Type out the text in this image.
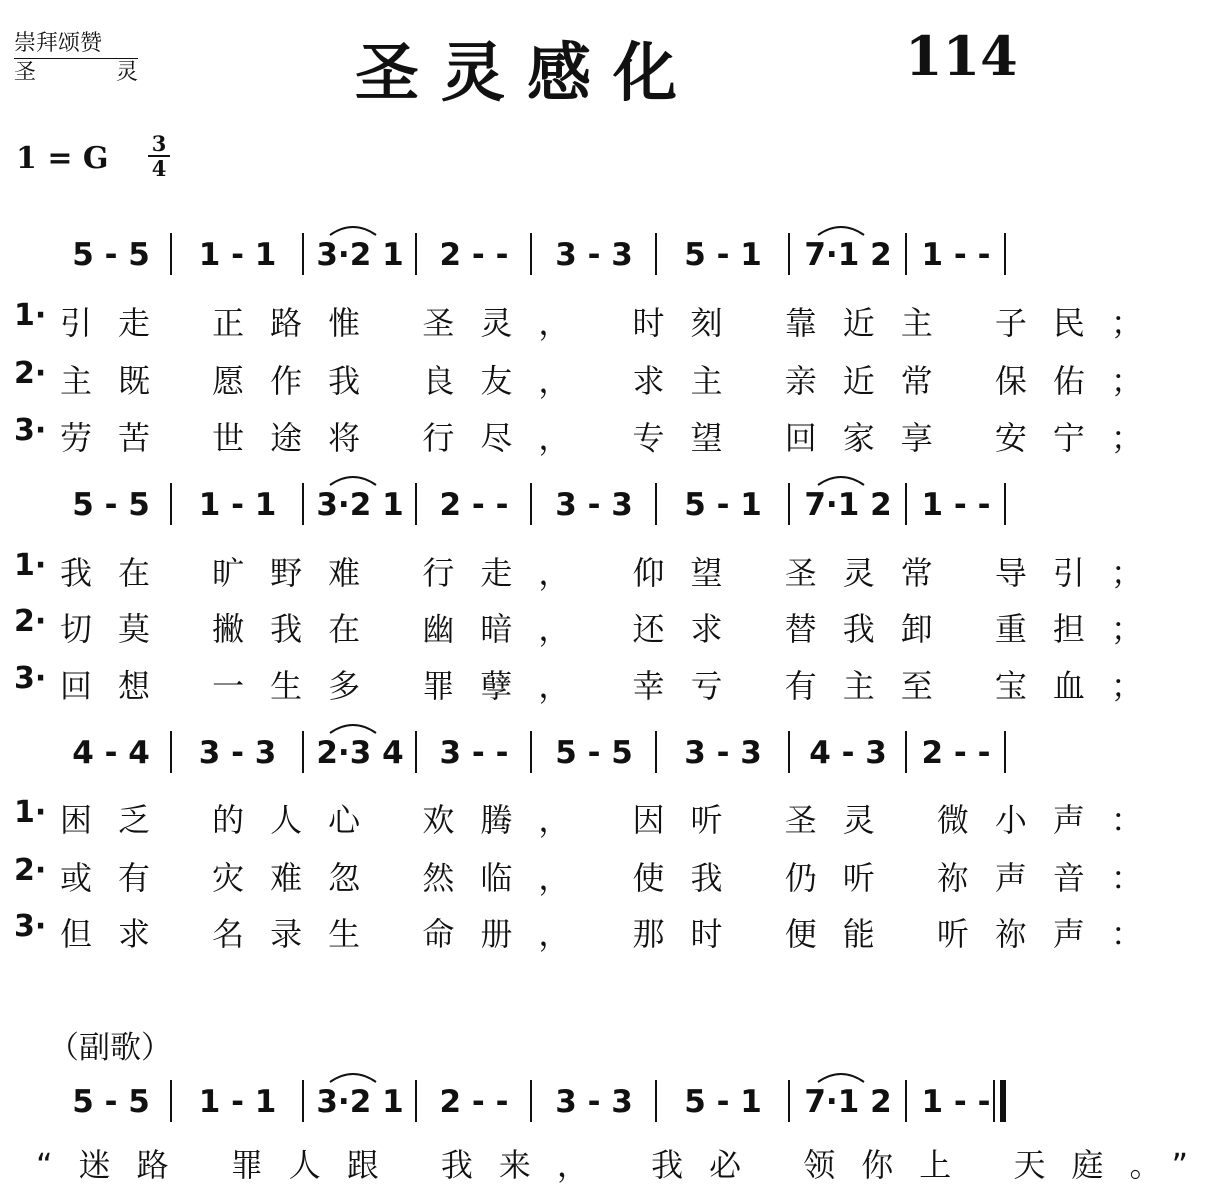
崇拜颂赞
圣	灵	圣灵感化	114
1 = G 3
4
（副歌）
5 - 5	1 - 1	3·2 1	2 - -	3 - 3	5 - 1	7·1 2 1 - -
1· 引走 正路惟 圣灵， 时刻 靠近主 子民；
2· 主既 愿作我 良友， 求主 亲近常 保佑；
3· 劳苦 世途将 行尽， 专望 回家享 安宁；
5 - 5	1 - 1	3·2 1	2 - -	3 - 3	5 - 1	7·1 2 1 - -
1· 我在 旷野难 行走， 仰望 圣灵常 导引；
2· 切莫 撇我在 幽暗， 还求 替我卸 重担；
3· 回想 一生多 罪孽， 幸亏 有主至 宝血；
4 - 4	3 - 3	2·3 4	3 - -	5 - 5	3 - 3	4 - 3	2 - -
1· 困乏 的人心 欢腾， 因听 圣灵 微小声：
2· 或有 灾难忽 然临， 使我 仍听 祢声音：
3· 但求 名录生 命册， 那时 便能 听祢声：
5 - 5	1 - 1	3·2 1	2 - -	3 - 3	5 - 1	7·1 2 1 - -
“迷路 罪人跟 我来， 我必 领你上 天庭。”
